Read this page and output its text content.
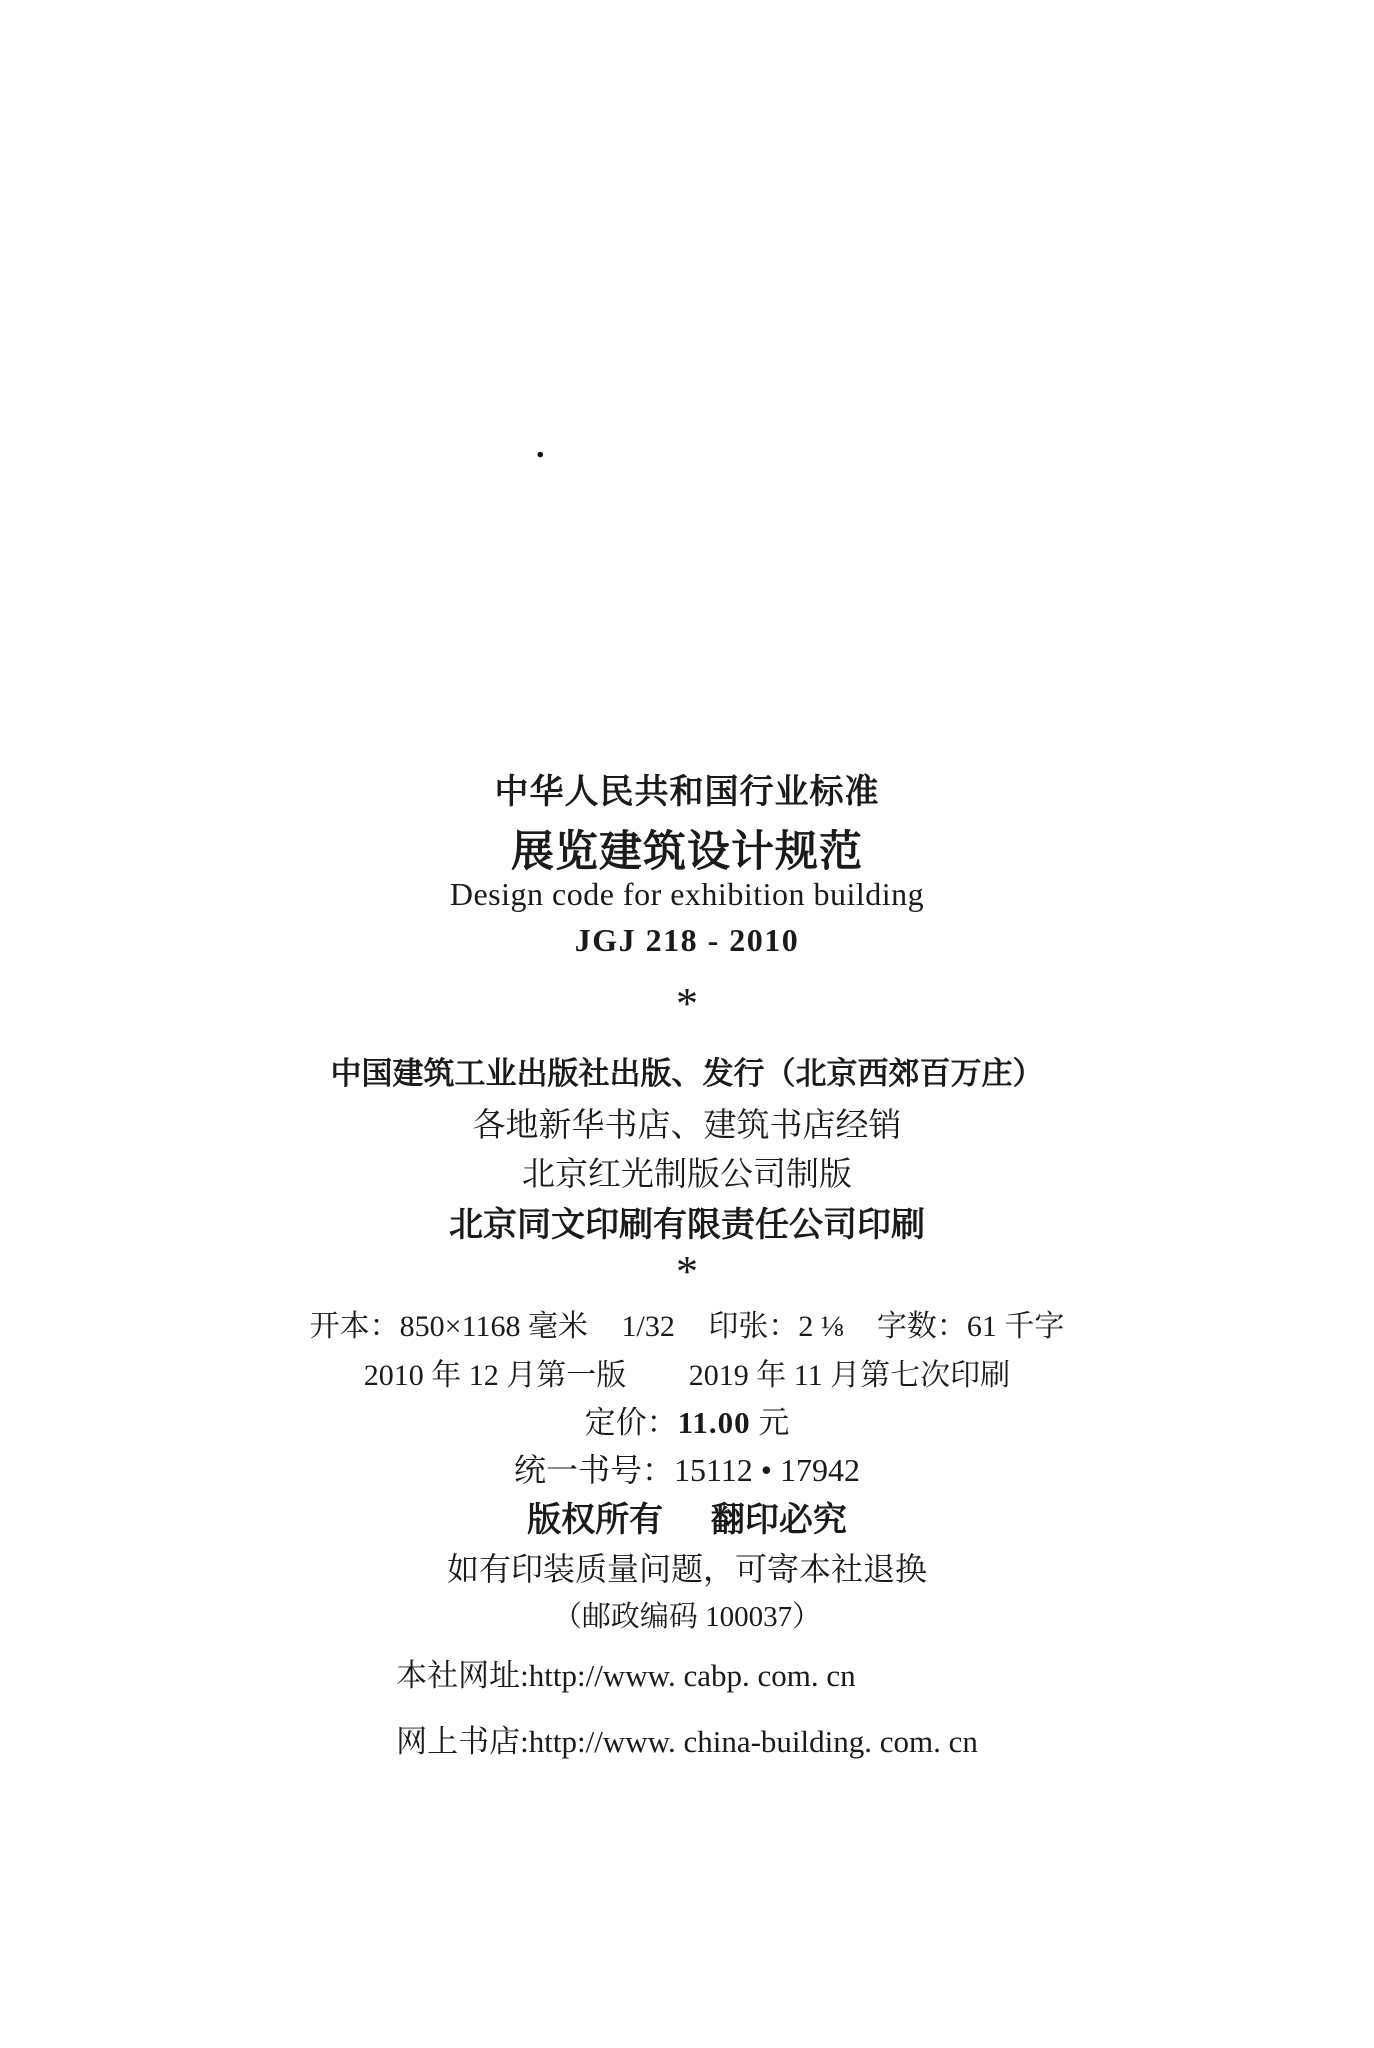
.
中华人民共和国行业标准
展览建筑设计规范
Design code for exhibition building
JGJ 218 - 2010
*
中国建筑工业出版社出版、发行（北京西郊百万庄）
各地新华书店、建筑书店经销
北京红光制版公司制版
北京同文印刷有限责任公司印刷
*
开本：850×1168 毫米 1/32 印张：2 ⅛ 字数：61 千字
2010 年 12 月第一版 2019 年 11 月第七次印刷
定价：11.00 元
统一书号：15112 • 17942
版权所有 翻印必究
如有印装质量问题，可寄本社退换
（邮政编码 100037）
本社网址:http://www. cabp. com. cn
网上书店:http://www. china-building. com. cn
